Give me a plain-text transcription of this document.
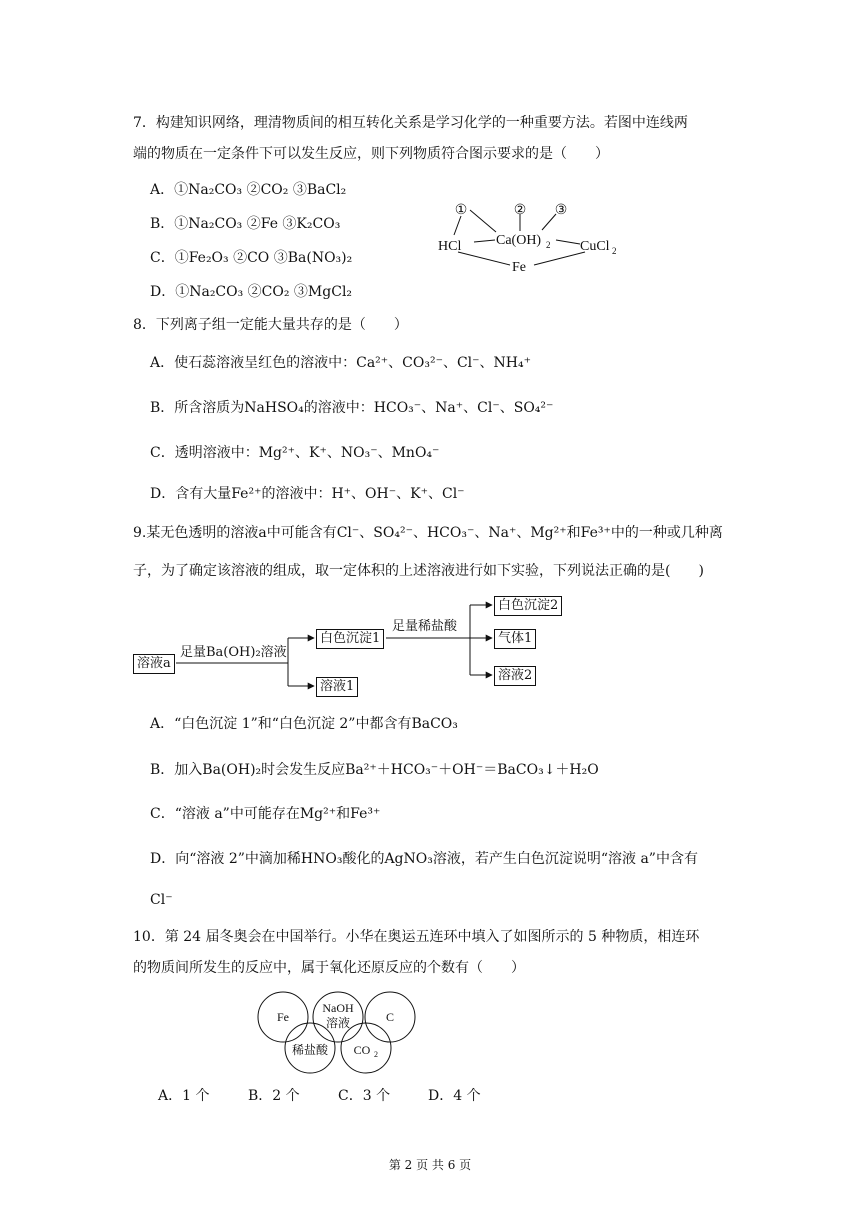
7．构建知识网络，理清物质间的相互转化关系是学习化学的一种重要方法。若图中连线两
端的物质在一定条件下可以发生反应，则下列物质符合图示要求的是（　　）
A．①Na₂CO₃ ②CO₂ ③BaCl₂
B．①Na₂CO₃ ②Fe ③K₂CO₃
C．①Fe₂O₃ ②CO ③Ba(NO₃)₂
D．①Na₂CO₃ ②CO₂ ③MgCl₂
①	② ③
HCl Ca(OH) 2 CuCl 2
Fe
8．下列离子组一定能大量共存的是（　　）
A．使石蕊溶液呈红色的溶液中：Ca²⁺、CO₃²⁻、Cl⁻、NH₄⁺
B．所含溶质为NaHSO₄的溶液中：HCO₃⁻、Na⁺、Cl⁻、SO₄²⁻
C．透明溶液中：Mg²⁺、K⁺、NO₃⁻、MnO₄⁻
D．含有大量Fe²⁺的溶液中：H⁺、OH⁻、K⁺、Cl⁻
9.某无色透明的溶液a中可能含有Cl⁻、SO₄²⁻、HCO₃⁻、Na⁺、Mg²⁺和Fe³⁺中的一种或几种离
子，为了确定该溶液的组成，取一定体积的上述溶液进行如下实验，下列说法正确的是(　　)
溶液a
足量Ba(OH)₂溶液
白色沉淀1
溶液1
足量稀盐酸
白色沉淀2
气体1
溶液2
A．“白色沉淀 1”和“白色沉淀 2”中都含有BaCO₃
B．加入Ba(OH)₂时会发生反应Ba²⁺＋HCO₃⁻＋OH⁻＝BaCO₃↓＋H₂O
C．“溶液 a”中可能存在Mg²⁺和Fe³⁺
D．向“溶液 2”中滴加稀HNO₃酸化的AgNO₃溶液，若产生白色沉淀说明“溶液 a”中含有
Cl⁻
10．第 24 届冬奥会在中国举行。小华在奥运五连环中填入了如图所示的 5 种物质，相连环
的物质间所发生的反应中，属于氧化还原反应的个数有（　　）
Fe
NaOH
溶液	C
稀盐酸 CO 2
A．1 个	B．2 个	C．3 个	D．4 个
第 2 页 共 6 页
